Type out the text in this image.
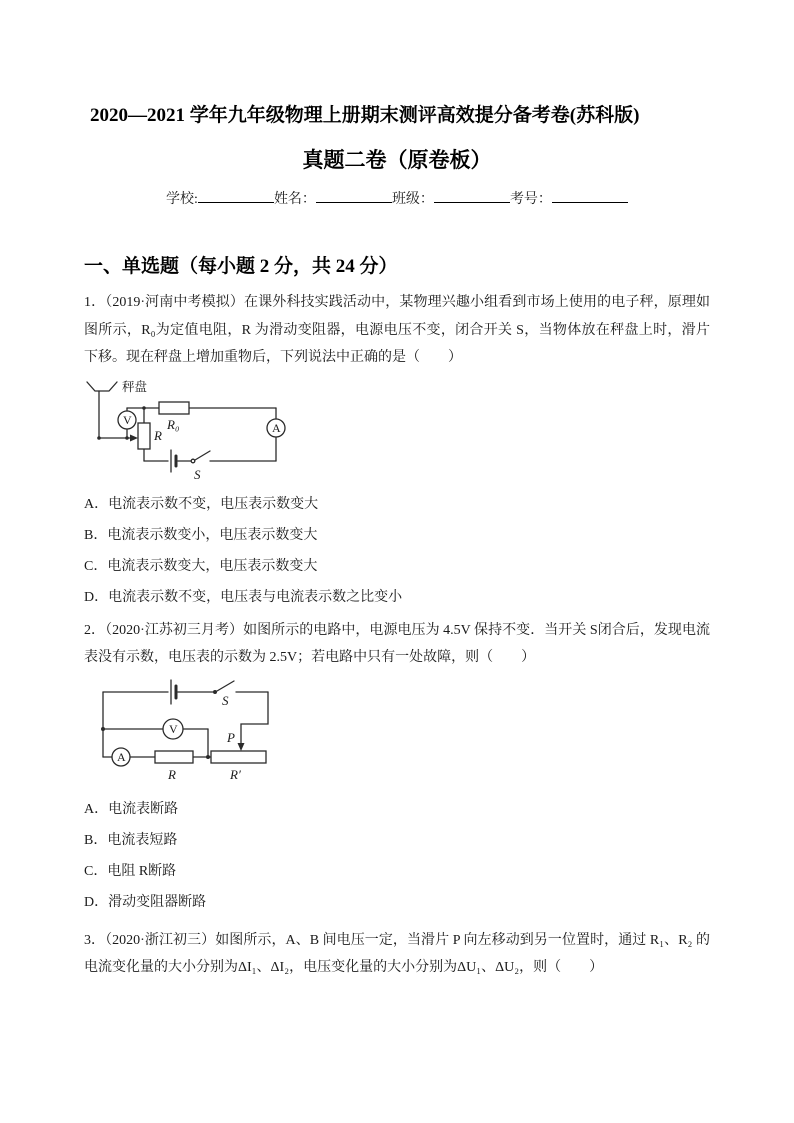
2020—2021 学年九年级物理上册期末测评高效提分备考卷(苏科版)
真题二卷（原卷板）
学校:	姓名：	班级：	考号：
一、单选题（每小题 2 分，共 24 分）

1．（2019·河南中考模拟）在课外科技实践活动中，某物理兴趣小组看到市场上使用的电子秤，原理如图所示，R₀为定值电阻，R 为滑动变阻器，电源电压不变，闭合开关 S，当物体放在秤盘上时，滑片下移。现在秤盘上增加重物后，下列说法中正确的是（　　）

秤盘
V
A
R₀
R
S
A．电流表示数不变，电压表示数变大
B．电流表示数变小，电压表示数变大
C．电流表示数变大，电压表示数变大
D．电流表示数不变，电压表与电流表示数之比变小

2．（2020·江苏初三月考）如图所示的电路中，电源电压为 4.5V 保持不变．当开关 S闭合后，发现电流表没有示数，电压表的示数为 2.5V；若电路中只有一处故障，则（　　）

V
A
S
P
R	R′
A．电流表断路
B．电流表短路
C．电阻 R断路
D．滑动变阻器断路

3．（2020·浙江初三）如图所示，A、B 间电压一定，当滑片 P 向左移动到另一位置时，通过 R₁、R₂ 的电流变化量的大小分别为ΔI₁、ΔI₂，电压变化量的大小分别为ΔU₁、ΔU₂，则（　　）
